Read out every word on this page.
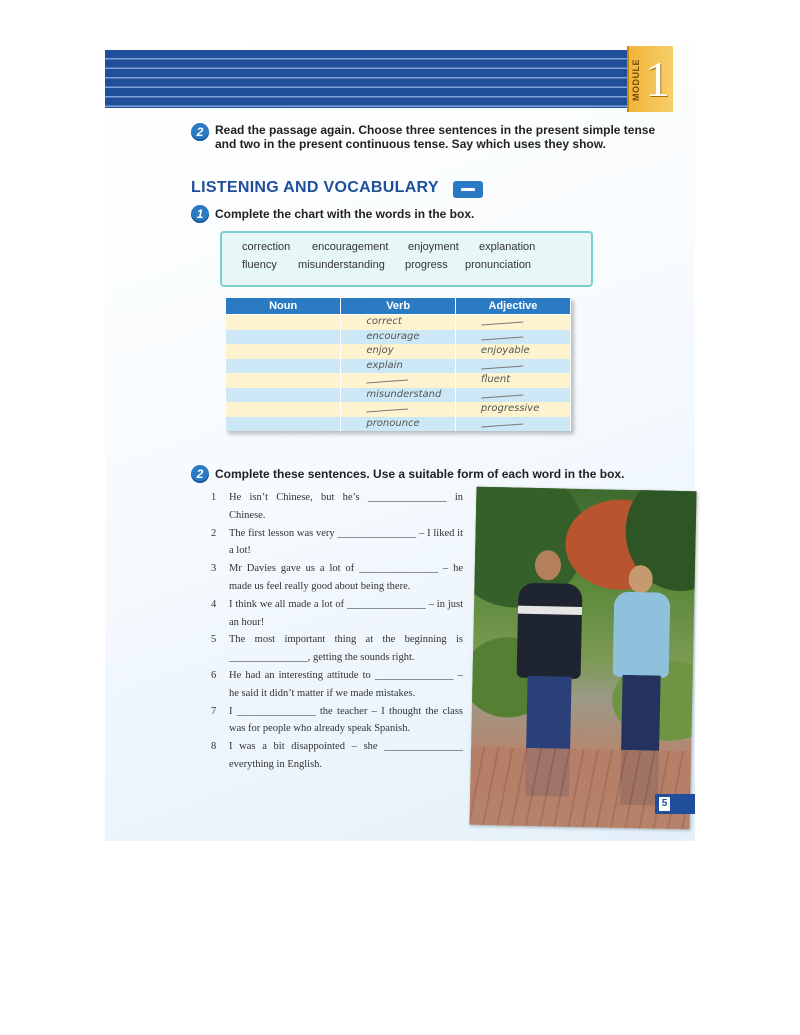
MODULE 1
2 Read the passage again. Choose three sentences in the present simple tense
and two in the present continuous tense. Say which uses they show.
LISTENING AND VOCABULARY
1 Complete the chart with the words in the box.
correction encouragement enjoyment explanation
fluency misunderstanding progress pronunciation
Noun	Verb	Adjective
	correct	
	encourage	
	enjoy	enjoyable
	explain	
		fluent
	misunderstand	
		progressive
	pronounce	
2 Complete these sentences. Use a suitable form of each word in the box.

1	He isn’t Chinese, but he’s _______________ in Chinese.

2	The first lesson was very _______________ – I liked it a lot!

3	Mr Davies gave us a lot of _______________ – he made us feel really good about being there.

4	I think we all made a lot of _______________ – in just an hour!

5	The most important thing at the beginning is _______________, getting the sounds right.

6	He had an interesting attitude to _______________ – he said it didn’t matter if we made mistakes.

7	I _______________ the teacher – I thought the class was for people who already speak Spanish.

8	I was a bit disappointed – she _______________ everything in English.

5
